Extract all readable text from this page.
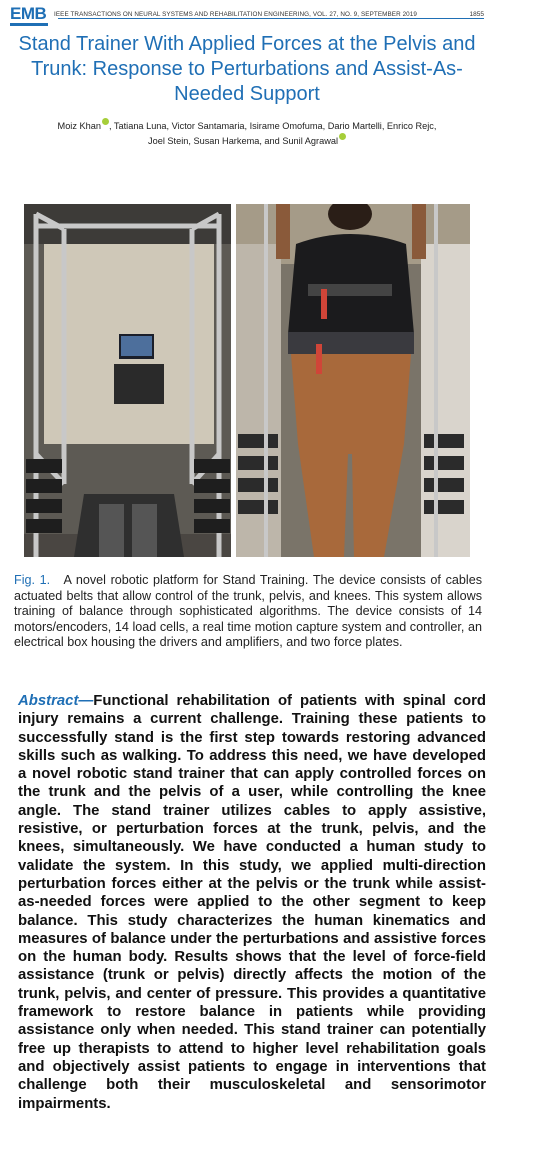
EMB	IEEE TRANSACTIONS ON NEURAL SYSTEMS AND REHABILITATION ENGINEERING, VOL. 27, NO. 9, SEPTEMBER 2019	1855
Stand Trainer With Applied Forces at the Pelvis and Trunk: Response to Perturbations and Assist-As-Needed Support
Moiz Khan , Tatiana Luna, Victor Santamaria, Isirame Omofuma, Dario Martelli, Enrico Rejc,
Joel Stein, Susan Harkema, and Sunil Agrawal
Fig. 1. A novel robotic platform for Stand Training. The device consists of cables actuated belts that allow control of the trunk, pelvis, and knees. This system allows training of balance through sophisticated algorithms. The device consists of 14 motors/encoders, 14 load cells, a real time motion capture system and controller, an electrical box housing the drivers and amplifiers, and two force plates.
Abstract—Functional rehabilitation of patients with spinal cord injury remains a current challenge. Training these patients to successfully stand is the first step towards restoring advanced skills such as walking. To address this need, we have developed a novel robotic stand trainer that can apply controlled forces on the trunk and the pelvis of a user, while controlling the knee angle. The stand trainer utilizes cables to apply assistive, resistive, or perturbation forces at the trunk, pelvis, and the knees, simultaneously. We have conducted a human study to validate the system. In this study, we applied multi-direction perturbation forces either at the pelvis or the trunk while assist-as-needed forces were applied to the other segment to keep balance. This study characterizes the human kinematics and measures of balance under the perturbations and assistive forces on the human body. Results shows that the level of force-field assistance (trunk or pelvis) directly affects the motion of the trunk, pelvis, and center of pressure. This provides a quantitative framework to restore balance in patients while providing assistance only when needed. This stand trainer can potentially free up therapists to attend to higher level rehabilitation goals and objectively assist patients to engage in interventions that challenge both their musculoskeletal and sensorimotor impairments.
